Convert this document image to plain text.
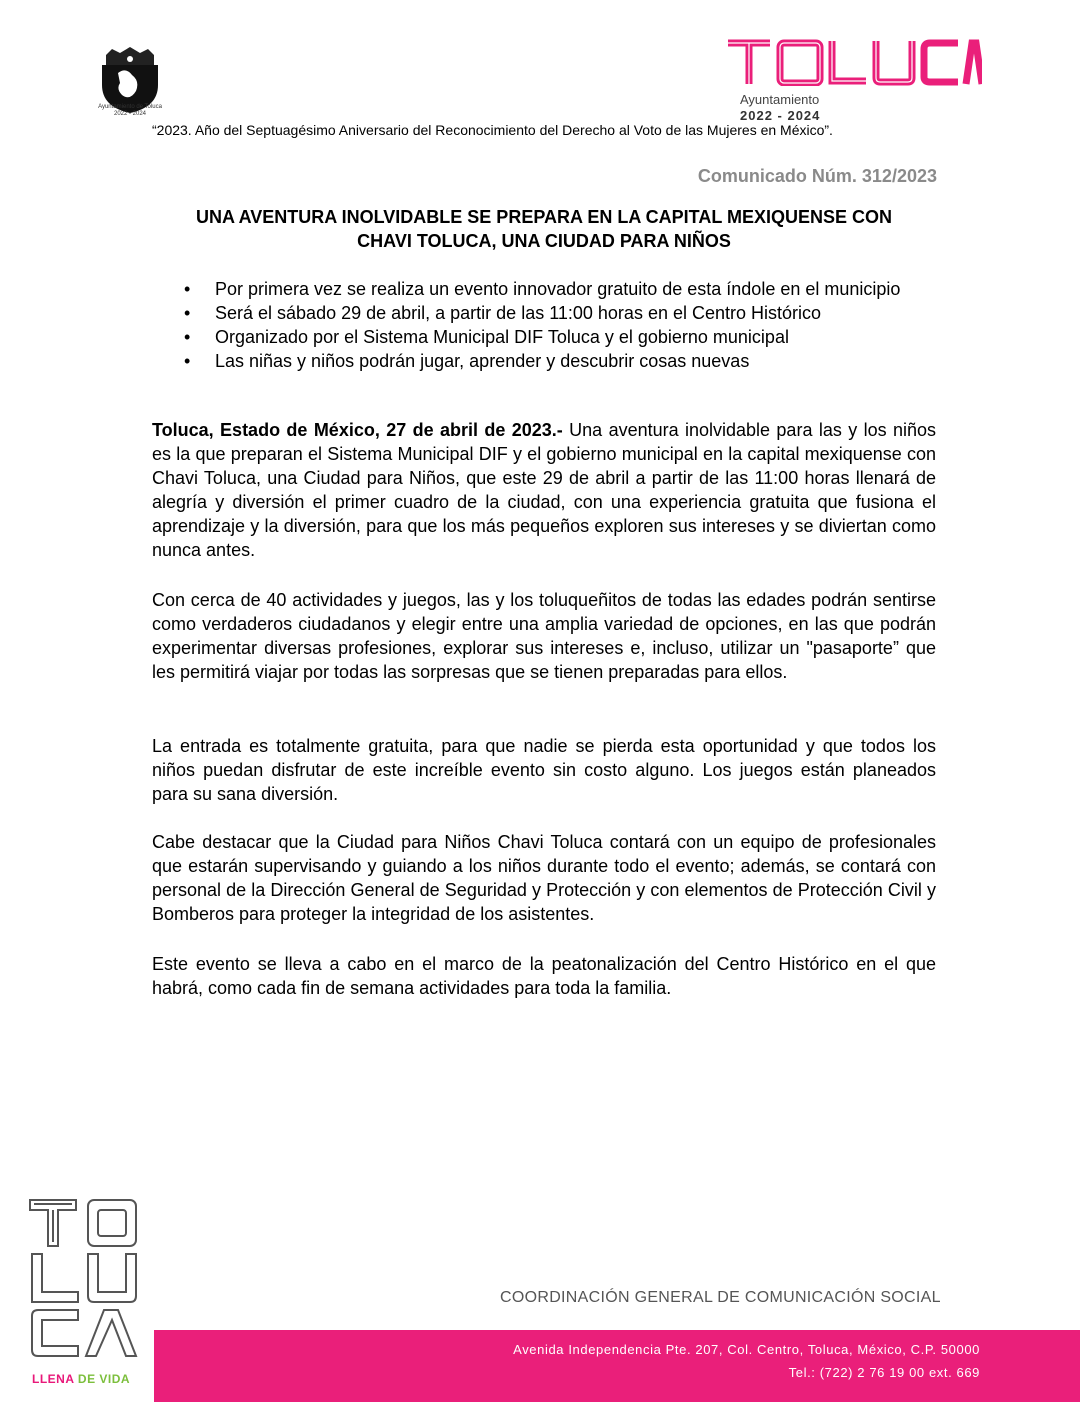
Ayuntamiento de Toluca
2022 - 2024
Ayuntamiento
2022 - 2024
“2023. Año del Septuagésimo Aniversario del Reconocimiento del Derecho al Voto de las Mujeres en México”.
Comunicado Núm. 312/2023
UNA AVENTURA INOLVIDABLE SE PREPARA EN LA CAPITAL MEXIQUENSE CON
CHAVI TOLUCA, UNA CIUDAD PARA NIÑOS
• Por primera vez se realiza un evento innovador gratuito de esta índole en el municipio
• Será el sábado 29 de abril, a partir de las 11:00 horas en el Centro Histórico
• Organizado por el Sistema Municipal DIF Toluca y el gobierno municipal
• Las niñas y niños podrán jugar, aprender y descubrir cosas nuevas

Toluca, Estado de México, 27 de abril de 2023.- Una aventura inolvidable para las y los niños es la que preparan el Sistema Municipal DIF y el gobierno municipal en la capital mexiquense con Chavi Toluca, una Ciudad para Niños, que este 29 de abril a partir de las 11:00 horas llenará de alegría y diversión el primer cuadro de la ciudad, con una experiencia gratuita que fusiona el aprendizaje y la diversión, para que los más pequeños exploren sus intereses y se diviertan como nunca antes.

Con cerca de 40 actividades y juegos, las y los toluqueñitos de todas las edades podrán sentirse como verdaderos ciudadanos y elegir entre una amplia variedad de opciones, en las que podrán experimentar diversas profesiones, explorar sus intereses e, incluso, utilizar un "pasaporte” que les permitirá viajar por todas las sorpresas que se tienen preparadas para ellos.

La entrada es totalmente gratuita, para que nadie se pierda esta oportunidad y que todos los niños puedan disfrutar de este increíble evento sin costo alguno. Los juegos están planeados para su sana diversión.

Cabe destacar que la Ciudad para Niños Chavi Toluca contará con un equipo de profesionales que estarán supervisando y guiando a los niños durante todo el evento; además, se contará con personal de la Dirección General de Seguridad y Protección y con elementos de Protección Civil y Bomberos para proteger la integridad de los asistentes.

Este evento se lleva a cabo en el marco de la peatonalización del Centro Histórico en el que habrá, como cada fin de semana actividades para toda la familia.

LLENA DE VIDA
COORDINACIÓN GENERAL DE COMUNICACIÓN SOCIAL
Avenida Independencia Pte. 207, Col. Centro, Toluca, México, C.P. 50000
Tel.: (722) 2 76 19 00 ext. 669
